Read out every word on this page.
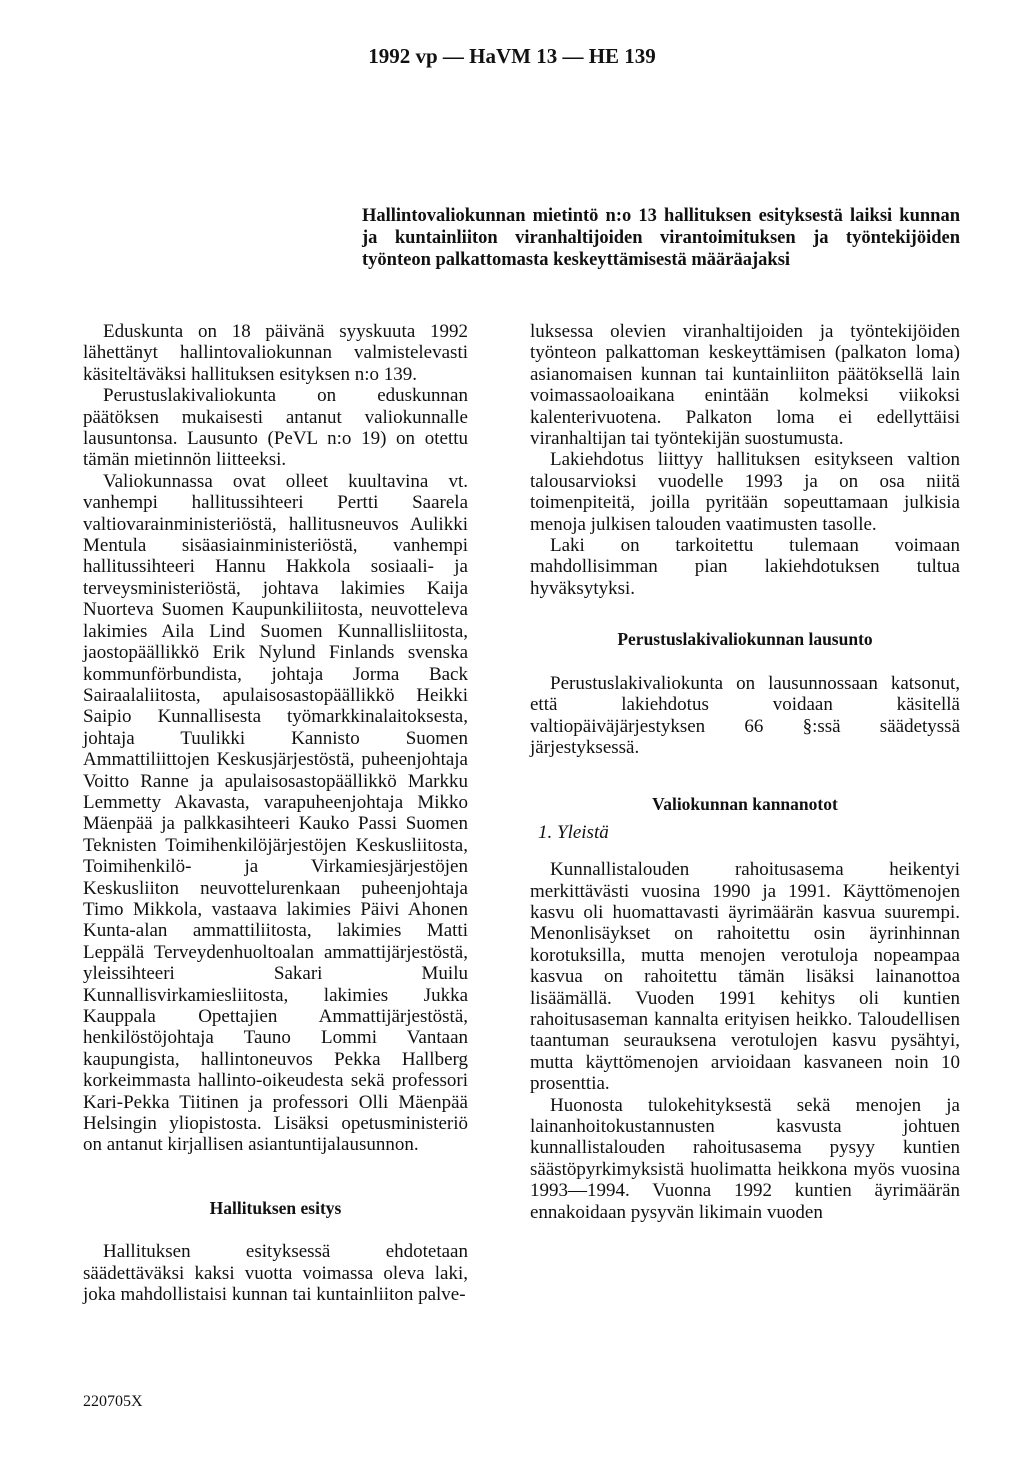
1992 vp — HaVM 13 — HE 139
Hallintovaliokunnan mietintö n:o 13 hallituksen esityksestä laiksi kunnan ja kuntainliiton viranhaltijoiden virantoimituksen ja työntekijöiden työnteon palkattomasta keskeyttämisestä määräajaksi

Eduskunta on 18 päivänä syyskuuta 1992 lähettänyt hallintovaliokunnan valmistelevasti käsiteltäväksi hallituksen esityksen n:o 139.

Perustuslakivaliokunta on eduskunnan päätöksen mukaisesti antanut valiokunnalle lausuntonsa. Lausunto (PeVL n:o 19) on otettu tämän mietinnön liitteeksi.

Valiokunnassa ovat olleet kuultavina vt. vanhempi hallitussihteeri Pertti Saarela valtiovarainministeriöstä, hallitusneuvos Aulikki Mentula sisäasiainministeriöstä, vanhempi hallitussihteeri Hannu Hakkola sosiaali- ja terveysministeriöstä, johtava lakimies Kaija Nuorteva Suomen Kaupunkiliitosta, neuvotteleva lakimies Aila Lind Suomen Kunnallisliitosta, jaostopäällikkö Erik Nylund Finlands svenska kommunförbundista, johtaja Jorma Back Sairaalaliitosta, apulaisosastopäällikkö Heikki Saipio Kunnallisesta työmarkkinalaitoksesta, johtaja Tuulikki Kannisto Suomen Ammattiliittojen Keskusjärjestöstä, puheenjohtaja Voitto Ranne ja apulaisosastopäällikkö Markku Lemmetty Akavasta, varapuheenjohtaja Mikko Mäenpää ja palkkasihteeri Kauko Passi Suomen Teknisten Toimihenkilöjärjestöjen Keskusliitosta, Toimihenkilö- ja Virkamiesjärjestöjen Keskusliiton neuvottelurenkaan puheenjohtaja Timo Mikkola, vastaava lakimies Päivi Ahonen Kunta-alan ammattiliitosta, lakimies Matti Leppälä Terveydenhuoltoalan ammattijärjestöstä, yleissihteeri Sakari Muilu Kunnallisvirkamiesliitosta, lakimies Jukka Kauppala Opettajien Ammattijärjestöstä, henkilöstöjohtaja Tauno Lommi Vantaan kaupungista, hallintoneuvos Pekka Hallberg korkeimmasta hallinto-oikeudesta sekä professori Kari-Pekka Tiitinen ja professori Olli Mäenpää Helsingin yliopistosta. Lisäksi opetusministeriö on antanut kirjallisen asiantuntijalausunnon.

Hallituksen esitys

Hallituksen esityksessä ehdotetaan säädettäväksi kaksi vuotta voimassa oleva laki, joka mahdollistaisi kunnan tai kuntainliiton palve-

luksessa olevien viranhaltijoiden ja työntekijöiden työnteon palkattoman keskeyttämisen (palkaton loma) asianomaisen kunnan tai kuntainliiton päätöksellä lain voimassaoloaikana enintään kolmeksi viikoksi kalenterivuotena. Palkaton loma ei edellyttäisi viranhaltijan tai työntekijän suostumusta.

Lakiehdotus liittyy hallituksen esitykseen valtion talousarvioksi vuodelle 1993 ja on osa niitä toimenpiteitä, joilla pyritään sopeuttamaan julkisia menoja julkisen talouden vaatimusten tasolle.

Laki on tarkoitettu tulemaan voimaan mahdollisimman pian lakiehdotuksen tultua hyväksytyksi.

Perustuslakivaliokunnan lausunto

Perustuslakivaliokunta on lausunnossaan katsonut, että lakiehdotus voidaan käsitellä valtiopäiväjärjestyksen 66 §:ssä säädetyssä järjestyksessä.

Valiokunnan kannanotot
1. Yleistä

Kunnallistalouden rahoitusasema heikentyi merkittävästi vuosina 1990 ja 1991. Käyttömenojen kasvu oli huomattavasti äyrimäärän kasvua suurempi. Menonlisäykset on rahoitettu osin äyrinhinnan korotuksilla, mutta menojen verotuloja nopeampaa kasvua on rahoitettu tämän lisäksi lainanottoa lisäämällä. Vuoden 1991 kehitys oli kuntien rahoitusaseman kannalta erityisen heikko. Taloudellisen taantuman seurauksena verotulojen kasvu pysähtyi, mutta käyttömenojen arvioidaan kasvaneen noin 10 prosenttia.

Huonosta tulokehityksestä sekä menojen ja lainanhoitokustannusten kasvusta johtuen kunnallistalouden rahoitusasema pysyy kuntien säästöpyrkimyksistä huolimatta heikkona myös vuosina 1993—1994. Vuonna 1992 kuntien äyrimäärän ennakoidaan pysyvän likimain vuoden

220705X
